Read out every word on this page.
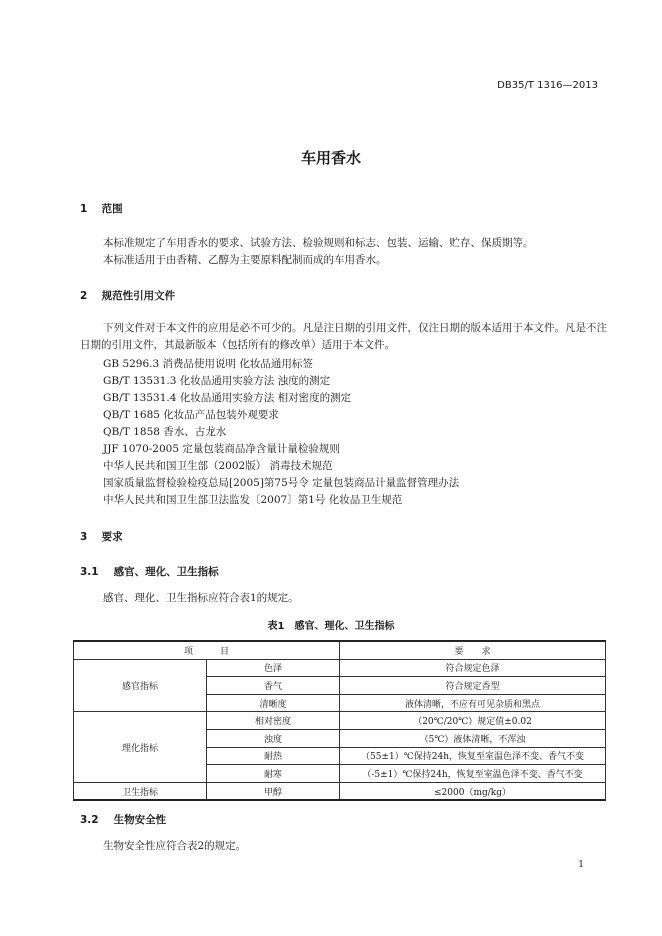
DB35/T 1316—2013
车用香水
1 范围
本标准规定了车用香水的要求、试验方法、检验规则和标志、包装、运输、贮存、保质期等。
本标准适用于由香精、乙醇为主要原料配制而成的车用香水。
2 规范性引用文件
下列文件对于本文件的应用是必不可少的。凡是注日期的引用文件，仅注日期的版本适用于本文件。凡是不注日期的引用文件，其最新版本（包括所有的修改单）适用于本文件。
GB 5296.3 消费品使用说明 化妆品通用标签
GB/T 13531.3 化妆品通用实验方法 浊度的测定
GB/T 13531.4 化妆品通用实验方法 相对密度的测定
QB/T 1685 化妆品产品包装外观要求
QB/T 1858 香水、古龙水
JJF 1070-2005 定量包装商品净含量计量检验规则
中华人民共和国卫生部（2002版） 消毒技术规范
国家质量监督检验检疫总局[2005]第75号令 定量包装商品计量监督管理办法
中华人民共和国卫生部卫法监发〔2007〕第1号 化妆品卫生规范
3 要求
3.1 感官、理化、卫生指标
感官、理化、卫生指标应符合表1的规定。
表1 感官、理化、卫生指标
项　　　目		要　　求
感官指标	色泽	符合规定色泽
	香气	符合规定香型
	清晰度	液体清晰，不应有可见杂质和黑点
理化指标	相对密度	（20℃/20℃）规定值±0.02
	浊度	（5℃）液体清晰，不浑浊
	耐热	（55±1）℃保持24h，恢复至室温色泽不变、香气不变
	耐寒	（-5±1）℃保持24h，恢复至室温色泽不变、香气不变
卫生指标	甲醇	≤2000（mg/kg）
3.2 生物安全性
生物安全性应符合表2的规定。
1
